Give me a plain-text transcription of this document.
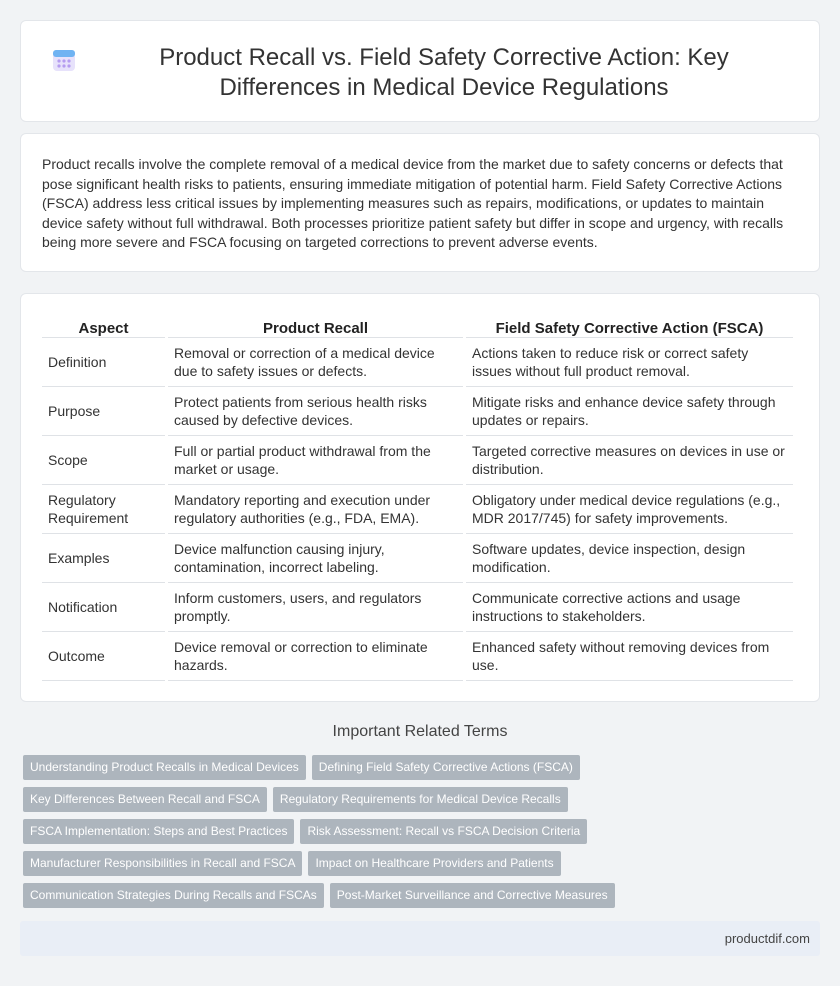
Product Recall vs. Field Safety Corrective Action: Key Differences in Medical Device Regulations

Product recalls involve the complete removal of a medical device from the market due to safety concerns or defects that pose significant health risks to patients, ensuring immediate mitigation of potential harm. Field Safety Corrective Actions (FSCA) address less critical issues by implementing measures such as repairs, modifications, or updates to maintain device safety without full withdrawal. Both processes prioritize patient safety but differ in scope and urgency, with recalls being more severe and FSCA focusing on targeted corrections to prevent adverse events.

Aspect	Product Recall	Field Safety Corrective Action (FSCA)
Definition	Removal or correction of a medical device due to safety issues or defects.	Actions taken to reduce risk or correct safety issues without full product removal.
Purpose	Protect patients from serious health risks caused by defective devices.	Mitigate risks and enhance device safety through updates or repairs.
Scope	Full or partial product withdrawal from the market or usage.	Targeted corrective measures on devices in use or distribution.
Regulatory Requirement	Mandatory reporting and execution under regulatory authorities (e.g., FDA, EMA).	Obligatory under medical device regulations (e.g., MDR 2017/745) for safety improvements.
Examples	Device malfunction causing injury, contamination, incorrect labeling.	Software updates, device inspection, design modification.
Notification	Inform customers, users, and regulators promptly.	Communicate corrective actions and usage instructions to stakeholders.
Outcome	Device removal or correction to eliminate hazards.	Enhanced safety without removing devices from use.
Important Related Terms
Understanding Product Recalls in Medical Devices Defining Field Safety Corrective Actions (FSCA)
Key Differences Between Recall and FSCA Regulatory Requirements for Medical Device Recalls
FSCA Implementation: Steps and Best Practices Risk Assessment: Recall vs FSCA Decision Criteria
Manufacturer Responsibilities in Recall and FSCA Impact on Healthcare Providers and Patients
Communication Strategies During Recalls and FSCAs Post-Market Surveillance and Corrective Measures
productdif.com
